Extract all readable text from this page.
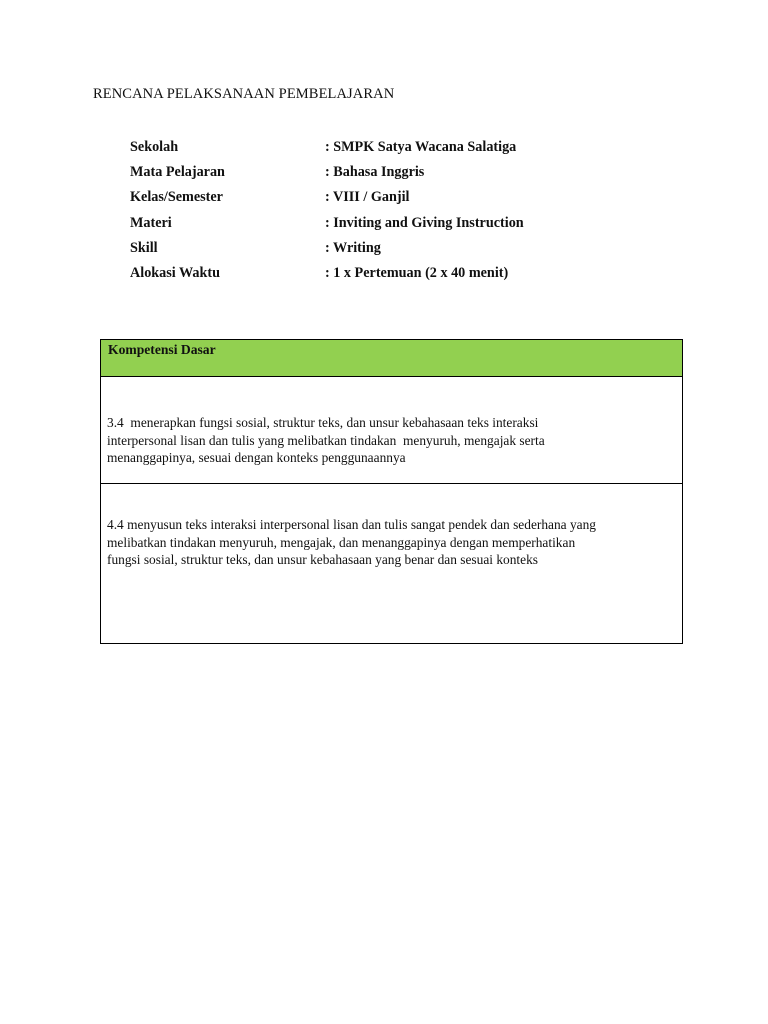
RENCANA PELAKSANAAN PEMBELAJARAN
Sekolah	: SMPK Satya Wacana Salatiga
Mata Pelajaran	: Bahasa Inggris
Kelas/Semester	: VIII / Ganjil
Materi	: Inviting and Giving Instruction
Skill	: Writing
Alokasi Waktu	: 1 x Pertemuan (2 x 40 menit)
Kompetensi Dasar
3.4  menerapkan fungsi sosial, struktur teks, dan unsur kebahasaan teks interaksi
interpersonal lisan dan tulis yang melibatkan tindakan  menyuruh, mengajak serta
menanggapinya, sesuai dengan konteks penggunaannya
4.4 menyusun teks interaksi interpersonal lisan dan tulis sangat pendek dan sederhana yang
melibatkan tindakan menyuruh, mengajak, dan menanggapinya dengan memperhatikan
fungsi sosial, struktur teks, dan unsur kebahasaan yang benar dan sesuai konteks
